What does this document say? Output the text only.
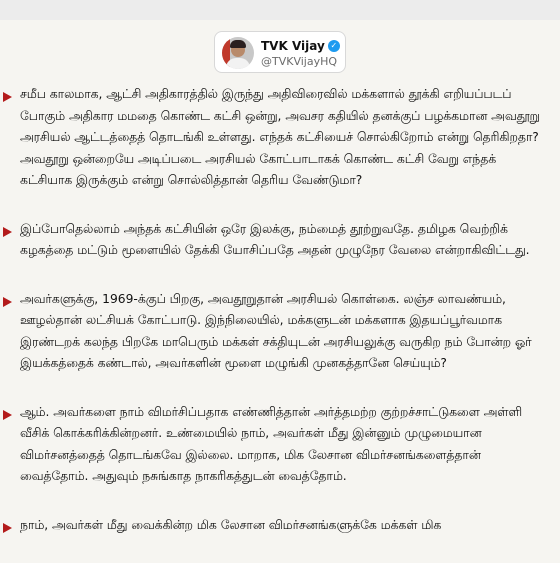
TVK Vijay ✓
@TVKVijayHQ
சமீப காலமாக, ஆட்சி அதிகாரத்தில் இருந்து அதிவிரைவில் மக்களால் தூக்கி எறியப்படப் போகும் அதிகார மமதை கொண்ட கட்சி ஒன்று, அவசர கதியில் தனக்குப் பழக்கமான அவதூறு அரசியல் ஆட்டத்தைத் தொடங்கி உள்ளது. எந்தக் கட்சியைச் சொல்கிறோம் என்று தெரிகிறதா? அவதூறு ஒன்றையே அடிப்படை அரசியல் கோட்பாடாகக் கொண்ட கட்சி வேறு எந்தக் கட்சியாக இருக்கும் என்று சொல்லித்தான் தெரிய வேண்டுமா?
இப்போதெல்லாம் அந்தக் கட்சியின் ஒரே இலக்கு, நம்மைத் தூற்றுவதே. தமிழக வெற்றிக் கழகத்தை மட்டும் மூளையில் தேக்கி யோசிப்பதே அதன் முழுநேர வேலை என்றாகிவிட்டது.
அவர்களுக்கு, 1969-க்குப் பிறகு, அவதூறுதான் அரசியல் கொள்கை. லஞ்ச லாவண்யம், ஊழல்தான் லட்சியக் கோட்பாடு. இந்நிலையில், மக்களுடன் மக்களாக இதயப்பூர்வமாக இரண்டறக் கலந்த பிறகே மாபெரும் மக்கள் சக்தியுடன் அரசியலுக்கு வருகிற நம் போன்ற ஓர் இயக்கத்தைக் கண்டால், அவர்களின் மூளை மழுங்கி முனகத்தானே செய்யும்?
ஆம். அவர்களை நாம் விமர்சிப்பதாக எண்ணித்தான் அர்த்தமற்ற குற்றச்சாட்டுகளை அள்ளி வீசிக் கொக்கரிக்கின்றனர். உண்மையில் நாம், அவர்கள் மீது இன்னும் முழுமையான விமர்சனத்தைத் தொடங்கவே இல்லை. மாறாக, மிக லேசான விமர்சனங்களைத்தான் வைத்தோம். அதுவும் நசுங்காத நாகரிகத்துடன் வைத்தோம்.
நாம், அவர்கள் மீது வைக்கின்ற மிக லேசான விமர்சனங்களுக்கே மக்கள் மிக
